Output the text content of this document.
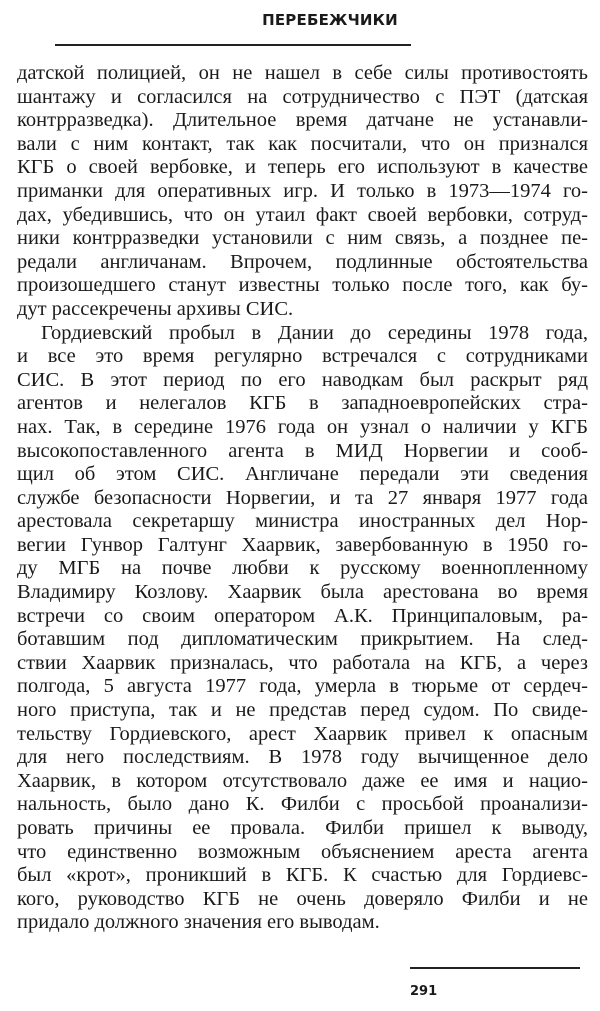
ПЕРЕБЕЖЧИКИ
датской полицией, он не нашел в себе силы противостоять
шантажу и согласился на сотрудничество с ПЭТ (датская
контрразведка). Длительное время датчане не устанавли-
вали с ним контакт, так как посчитали, что он признался
КГБ о своей вербовке, и теперь его используют в качестве
приманки для оперативных игр. И только в 1973—1974 го-
дах, убедившись, что он утаил факт своей вербовки, сотруд-
ники контрразведки установили с ним связь, а позднее пе-
редали англичанам. Впрочем, подлинные обстоятельства
произошедшего станут известны только после того, как бу-
дут рассекречены архивы СИС.
Гордиевский пробыл в Дании до середины 1978 года,
и все это время регулярно встречался с сотрудниками
СИС. В этот период по его наводкам был раскрыт ряд
агентов и нелегалов КГБ в западноевропейских стра-
нах. Так, в середине 1976 года он узнал о наличии у КГБ
высокопоставленного агента в МИД Норвегии и сооб-
щил об этом СИС. Англичане передали эти сведения
службе безопасности Норвегии, и та 27 января 1977 года
арестовала секретаршу министра иностранных дел Нор-
вегии Гунвор Галтунг Хаарвик, завербованную в 1950 го-
ду МГБ на почве любви к русскому военнопленному
Владимиру Козлову. Хаарвик была арестована во время
встречи со своим оператором А.К. Принципаловым, ра-
ботавшим под дипломатическим прикрытием. На след-
ствии Хаарвик призналась, что работала на КГБ, а через
полгода, 5 августа 1977 года, умерла в тюрьме от сердеч-
ного приступа, так и не представ перед судом. По свиде-
тельству Гордиевского, арест Хаарвик привел к опасным
для него последствиям. В 1978 году вычищенное дело
Хаарвик, в котором отсутствовало даже ее имя и нацио-
нальность, было дано К. Филби с просьбой проанализи-
ровать причины ее провала. Филби пришел к выводу,
что единственно возможным объяснением ареста агента
был «крот», проникший в КГБ. К счастью для Гордиевс-
кого, руководство КГБ не очень доверяло Филби и не
придало должного значения его выводам.
291
